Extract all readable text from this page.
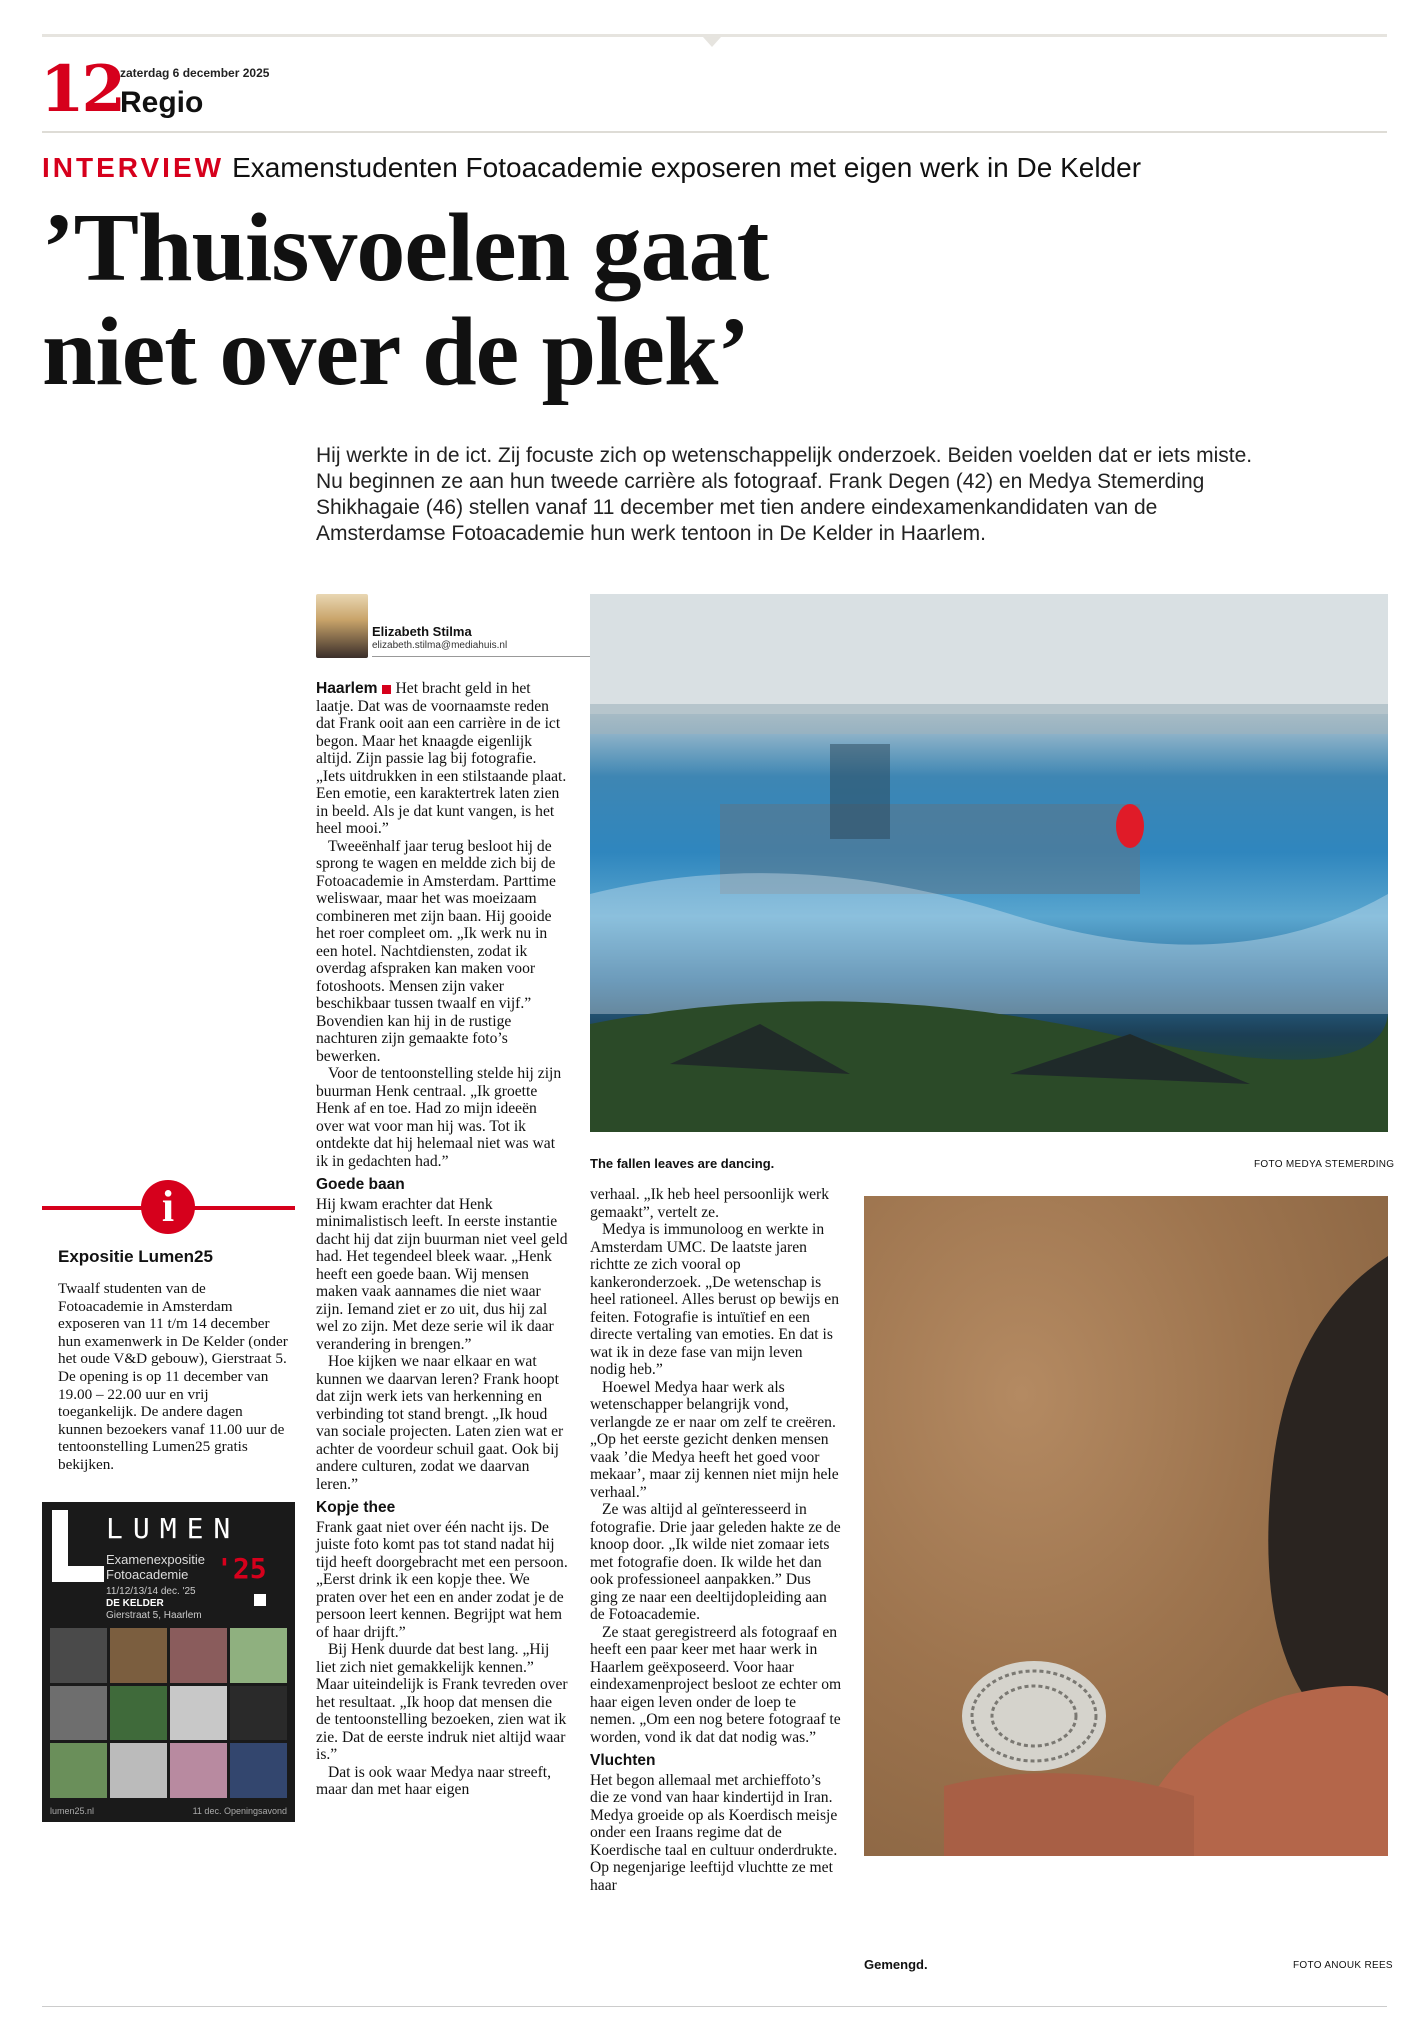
12
zaterdag 6 december 2025
Regio
INTERVIEW Examenstudenten Fotoacademie exposeren met eigen werk in De Kelder
’Thuisvoelen gaat
niet over de plek’
Hij werkte in de ict. Zij focuste zich op wetenschappelijk onderzoek. Beiden voelden dat er iets miste. Nu beginnen ze aan hun tweede carrière als fotograaf. Frank Degen (42) en Medya Stemerding Shikhagaie (46) stellen vanaf 11 december met tien andere eindexamenkandidaten van de Amsterdamse Fotoacademie hun werk tentoon in De Kelder in Haarlem.
Elizabeth Stilma
elizabeth.stilma@mediahuis.nl

Haarlem Het bracht geld in het laatje. Dat was de voornaamste reden dat Frank ooit aan een carrière in de ict begon. Maar het knaagde eigenlijk altijd. Zijn passie lag bij fotografie. „Iets uitdrukken in een stilstaande plaat. Een emotie, een karaktertrek laten zien in beeld. Als je dat kunt vangen, is het heel mooi.”

Tweeënhalf jaar terug besloot hij de sprong te wagen en meldde zich bij de Fotoacademie in Amsterdam. Parttime weliswaar, maar het was moeizaam combineren met zijn baan. Hij gooide het roer compleet om. „Ik werk nu in een hotel. Nachtdiensten, zodat ik overdag afspraken kan maken voor fotoshoots. Mensen zijn vaker beschikbaar tussen twaalf en vijf.” Bovendien kan hij in de rustige nachturen zijn gemaakte foto’s bewerken.

Voor de tentoonstelling stelde hij zijn buurman Henk centraal. „Ik groette Henk af en toe. Had zo mijn ideeën over wat voor man hij was. Tot ik ontdekte dat hij helemaal niet was wat ik in gedachten had.”

Goede baan

Hij kwam erachter dat Henk minimalistisch leeft. In eerste instantie dacht hij dat zijn buurman niet veel geld had. Het tegendeel bleek waar. „Henk heeft een goede baan. Wij mensen maken vaak aannames die niet waar zijn. Iemand ziet er zo uit, dus hij zal wel zo zijn. Met deze serie wil ik daar verandering in brengen.”

Hoe kijken we naar elkaar en wat kunnen we daarvan leren? Frank hoopt dat zijn werk iets van herkenning en verbinding tot stand brengt. „Ik houd van sociale projecten. Laten zien wat er achter de voordeur schuil gaat. Ook bij andere culturen, zodat we daarvan leren.”

Kopje thee

Frank gaat niet over één nacht ijs. De juiste foto komt pas tot stand nadat hij tijd heeft doorgebracht met een persoon. „Eerst drink ik een kopje thee. We praten over het een en ander zodat je de persoon leert kennen. Begrijpt wat hem of haar drijft.”

Bij Henk duurde dat best lang. „Hij liet zich niet gemakkelijk kennen.” Maar uiteindelijk is Frank tevreden over het resultaat. „Ik hoop dat mensen die de tentoonstelling bezoeken, zien wat ik zie. Dat de eerste indruk niet altijd waar is.”

Dat is ook waar Medya naar streeft, maar dan met haar eigen

The fallen leaves are dancing.	FOTO MEDYA STEMERDING

verhaal. „Ik heb heel persoonlijk werk gemaakt”, vertelt ze.

Medya is immunoloog en werkte in Amsterdam UMC. De laatste jaren richtte ze zich vooral op kankeronderzoek. „De wetenschap is heel rationeel. Alles berust op bewijs en feiten. Fotografie is intuïtief en een directe vertaling van emoties. En dat is wat ik in deze fase van mijn leven nodig heb.”

Hoewel Medya haar werk als wetenschapper belangrijk vond, verlangde ze er naar om zelf te creëren. „Op het eerste gezicht denken mensen vaak ’die Medya heeft het goed voor mekaar’, maar zij kennen niet mijn hele verhaal.”

Ze was altijd al geïnteresseerd in fotografie. Drie jaar geleden hakte ze de knoop door. „Ik wilde niet zomaar iets met fotografie doen. Ik wilde het dan ook professioneel aanpakken.” Dus ging ze naar een deeltijdopleiding aan de Fotoacademie.

Ze staat geregistreerd als fotograaf en heeft een paar keer met haar werk in Haarlem geëxposeerd. Voor haar eindexamenproject besloot ze echter om haar eigen leven onder de loep te nemen. „Om een nog betere fotograaf te worden, vond ik dat dat nodig was.”

Vluchten

Het begon allemaal met archieffoto’s die ze vond van haar kindertijd in Iran. Medya groeide op als Koerdisch meisje onder een Iraans regime dat de Koerdische taal en cultuur onderdrukte. Op negenjarige leeftijd vluchtte ze met haar

Gemengd.	FOTO ANOUK REES
i
Expositie Lumen25
Twaalf studenten van de Fotoacademie in Amsterdam exposeren van 11 t/m 14 december hun examenwerk in De Kelder (onder het oude V&D gebouw), Gierstraat 5. De opening is op 11 december van 19.00 – 22.00 uur en vrij toegankelijk. De andere dagen kunnen bezoekers vanaf 11.00 uur de tentoonstelling Lumen25 gratis bekijken.
LUMEN
Examenexpositie
Fotoacademie '25
11/12/13/14 dec. '25
DE KELDER
Gierstraat 5, Haarlem
lumen25.nl	11 dec. Openingsavond
